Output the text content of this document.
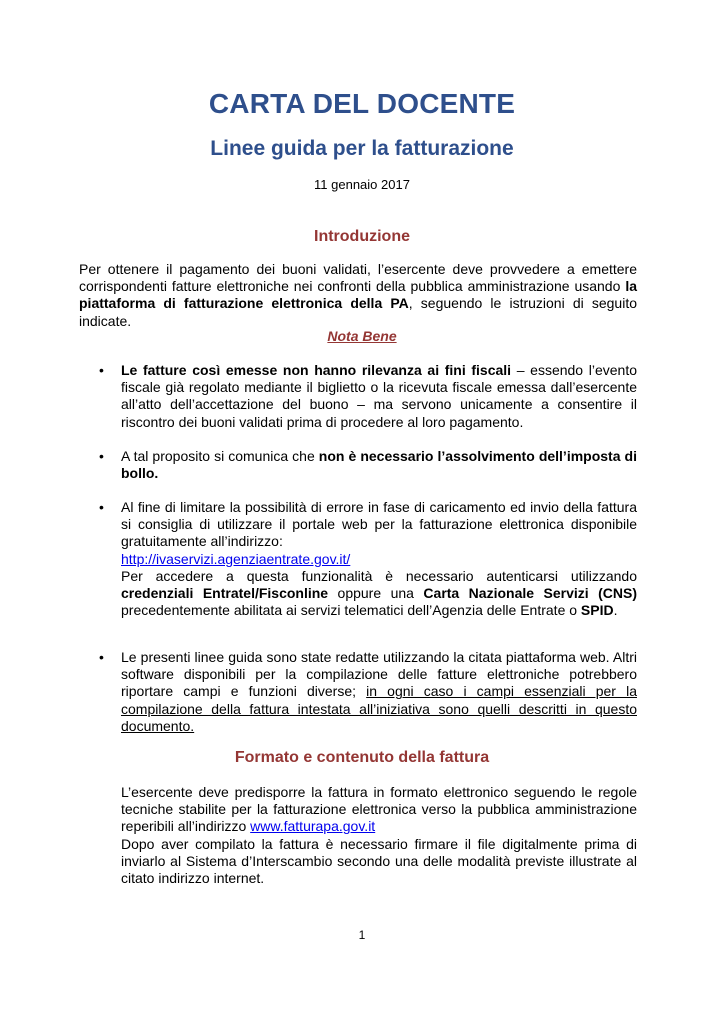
CARTA DEL DOCENTE
Linee guida per la fatturazione
11 gennaio 2017
Introduzione

Per ottenere il pagamento dei buoni validati, l’esercente deve provvedere a emettere corrispondenti fatture elettroniche nei confronti della pubblica amministrazione usando la piattaforma di fatturazione elettronica della PA, seguendo le istruzioni di seguito indicate.

Nota Bene
• Le fatture così emesse non hanno rilevanza ai fini fiscali – essendo l’evento fiscale già regolato mediante il biglietto o la ricevuta fiscale emessa dall’esercente all’atto dell’accettazione del buono – ma servono unicamente a consentire il riscontro dei buoni validati prima di procedere al loro pagamento.

• A tal proposito si comunica che non è necessario l’assolvimento dell’imposta di bollo.

• Al fine di limitare la possibilità di errore in fase di caricamento ed invio della fattura si consiglia di utilizzare il portale web per la fatturazione elettronica disponibile gratuitamente all’indirizzo:

http://ivaservizi.agenziaentrate.gov.it/

Per accedere a questa funzionalità è necessario autenticarsi utilizzando credenziali Entratel/Fisconline oppure una Carta Nazionale Servizi (CNS) precedentemente abilitata ai servizi telematici dell’Agenzia delle Entrate o SPID.

• Le presenti linee guida sono state redatte utilizzando la citata piattaforma web. Altri software disponibili per la compilazione delle fatture elettroniche potrebbero riportare campi e funzioni diverse; in ogni caso i campi essenziali per la compilazione della fattura intestata all’iniziativa sono quelli descritti in questo documento.

Formato e contenuto della fattura

L’esercente deve predisporre la fattura in formato elettronico seguendo le regole tecniche stabilite per la fatturazione elettronica verso la pubblica amministrazione reperibili all’indirizzo www.fatturapa.gov.it

Dopo aver compilato la fattura è necessario firmare il file digitalmente prima di inviarlo al Sistema d’Interscambio secondo una delle modalità previste illustrate al citato indirizzo internet.

1
